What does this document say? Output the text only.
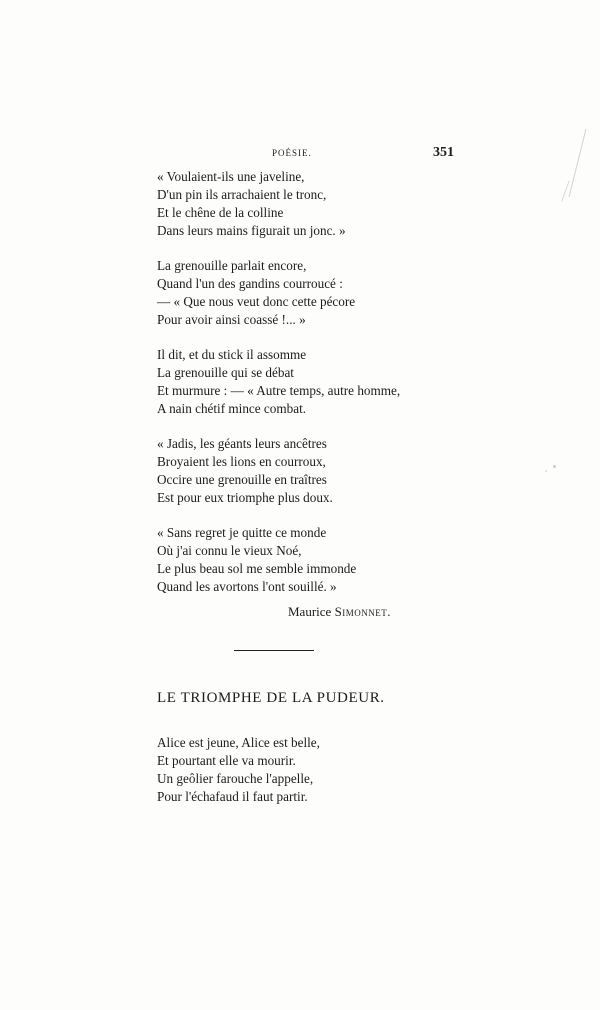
POÉSIE.	351
« Voulaient-ils une javeline,
D'un pin ils arrachaient le tronc,
Et le chêne de la colline
Dans leurs mains figurait un jonc. »
La grenouille parlait encore,
Quand l'un des gandins courroucé :
— « Que nous veut donc cette pécore
Pour avoir ainsi coassé !... »
Il dit, et du stick il assomme
La grenouille qui se débat
Et murmure : — « Autre temps, autre homme,
A nain chétif mince combat.
« Jadis, les géants leurs ancêtres
Broyaient les lions en courroux,
Occire une grenouille en traîtres
Est pour eux triomphe plus doux.
« Sans regret je quitte ce monde
Où j'ai connu le vieux Noé,
Le plus beau sol me semble immonde
Quand les avortons l'ont souillé. »
Maurice Simonnet.
LE TRIOMPHE DE LA PUDEUR.
Alice est jeune, Alice est belle,
Et pourtant elle va mourir.
Un geôlier farouche l'appelle,
Pour l'échafaud il faut partir.
